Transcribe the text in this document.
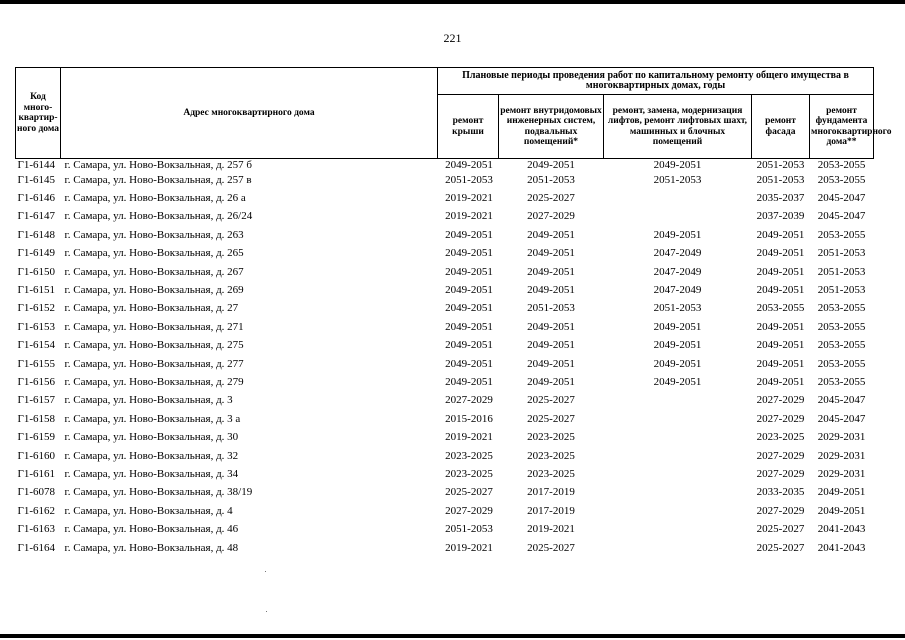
221
Код много-квартир-ного дома	Адрес многоквартирного дома	Плановые периоды проведения работ по капитальному ремонту общего имущества в многоквартирных домах, годы				
		ремонт крыши	ремонт внутридомовых инженерных систем, подвальных помещений*	ремонт, замена, модернизация лифтов, ремонт лифтовых шахт, машинных и блочных помещений	ремонт фасада	ремонт фундамента многоквартирного дома**
Г1-6144	г. Самара, ул. Ново-Вокзальная, д. 257 б	2049-2051	2049-2051	2049-2051	2051-2053	2053-2055
Г1-6145	г. Самара, ул. Ново-Вокзальная, д. 257 в	2051-2053	2051-2053	2051-2053	2051-2053	2053-2055
Г1-6146	г. Самара, ул. Ново-Вокзальная, д. 26 а	2019-2021	2025-2027		2035-2037	2045-2047
Г1-6147	г. Самара, ул. Ново-Вокзальная, д. 26/24	2019-2021	2027-2029		2037-2039	2045-2047
Г1-6148	г. Самара, ул. Ново-Вокзальная, д. 263	2049-2051	2049-2051	2049-2051	2049-2051	2053-2055
Г1-6149	г. Самара, ул. Ново-Вокзальная, д. 265	2049-2051	2049-2051	2047-2049	2049-2051	2051-2053
Г1-6150	г. Самара, ул. Ново-Вокзальная, д. 267	2049-2051	2049-2051	2047-2049	2049-2051	2051-2053
Г1-6151	г. Самара, ул. Ново-Вокзальная, д. 269	2049-2051	2049-2051	2047-2049	2049-2051	2051-2053
Г1-6152	г. Самара, ул. Ново-Вокзальная, д. 27	2049-2051	2051-2053	2051-2053	2053-2055	2053-2055
Г1-6153	г. Самара, ул. Ново-Вокзальная, д. 271	2049-2051	2049-2051	2049-2051	2049-2051	2053-2055
Г1-6154	г. Самара, ул. Ново-Вокзальная, д. 275	2049-2051	2049-2051	2049-2051	2049-2051	2053-2055
Г1-6155	г. Самара, ул. Ново-Вокзальная, д. 277	2049-2051	2049-2051	2049-2051	2049-2051	2053-2055
Г1-6156	г. Самара, ул. Ново-Вокзальная, д. 279	2049-2051	2049-2051	2049-2051	2049-2051	2053-2055
Г1-6157	г. Самара, ул. Ново-Вокзальная, д. 3	2027-2029	2025-2027		2027-2029	2045-2047
Г1-6158	г. Самара, ул. Ново-Вокзальная, д. 3 а	2015-2016	2025-2027		2027-2029	2045-2047
Г1-6159	г. Самара, ул. Ново-Вокзальная, д. 30	2019-2021	2023-2025		2023-2025	2029-2031
Г1-6160	г. Самара, ул. Ново-Вокзальная, д. 32	2023-2025	2023-2025		2027-2029	2029-2031
Г1-6161	г. Самара, ул. Ново-Вокзальная, д. 34	2023-2025	2023-2025		2027-2029	2029-2031
Г1-6078	г. Самара, ул. Ново-Вокзальная, д. 38/19	2025-2027	2017-2019		2033-2035	2049-2051
Г1-6162	г. Самара, ул. Ново-Вокзальная, д. 4	2027-2029	2017-2019		2027-2029	2049-2051
Г1-6163	г. Самара, ул. Ново-Вокзальная, д. 46	2051-2053	2019-2021		2025-2027	2041-2043
Г1-6164	г. Самара, ул. Ново-Вокзальная, д. 48	2019-2021	2025-2027		2025-2027	2041-2043
